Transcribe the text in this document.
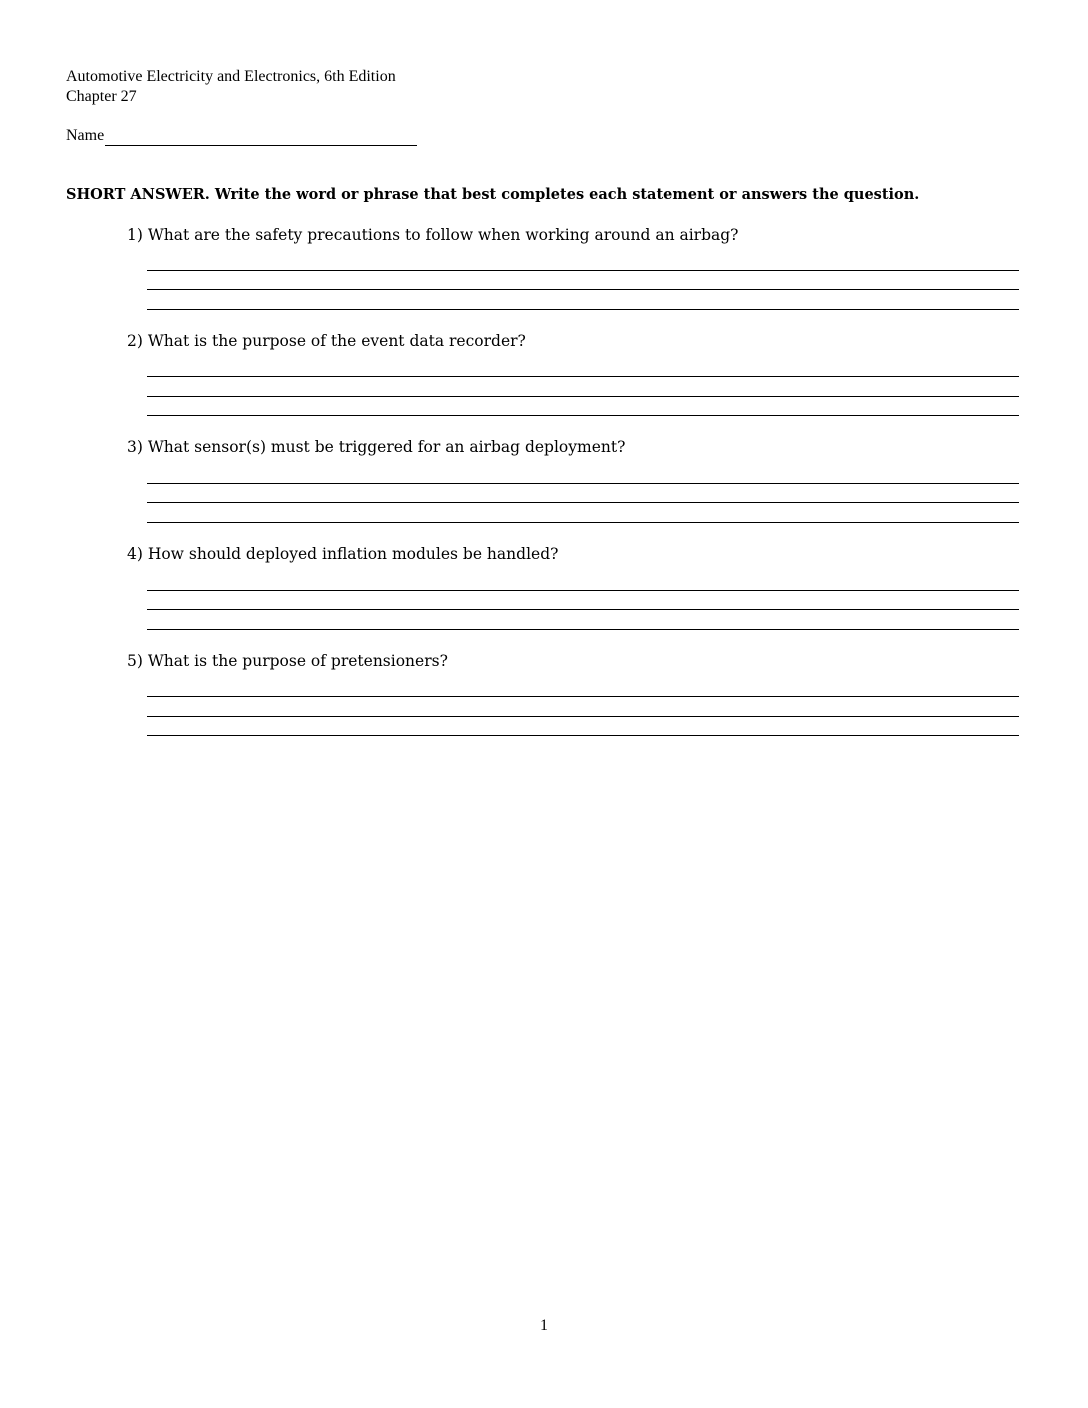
Automotive Electricity and Electronics, 6th Edition
Chapter 27
Name
SHORT ANSWER. Write the word or phrase that best completes each statement or answers the question.
1) What are the safety precautions to follow when working around an airbag?
2) What is the purpose of the event data recorder?
3) What sensor(s) must be triggered for an airbag deployment?
4) How should deployed inflation modules be handled?
5) What is the purpose of pretensioners?
1
